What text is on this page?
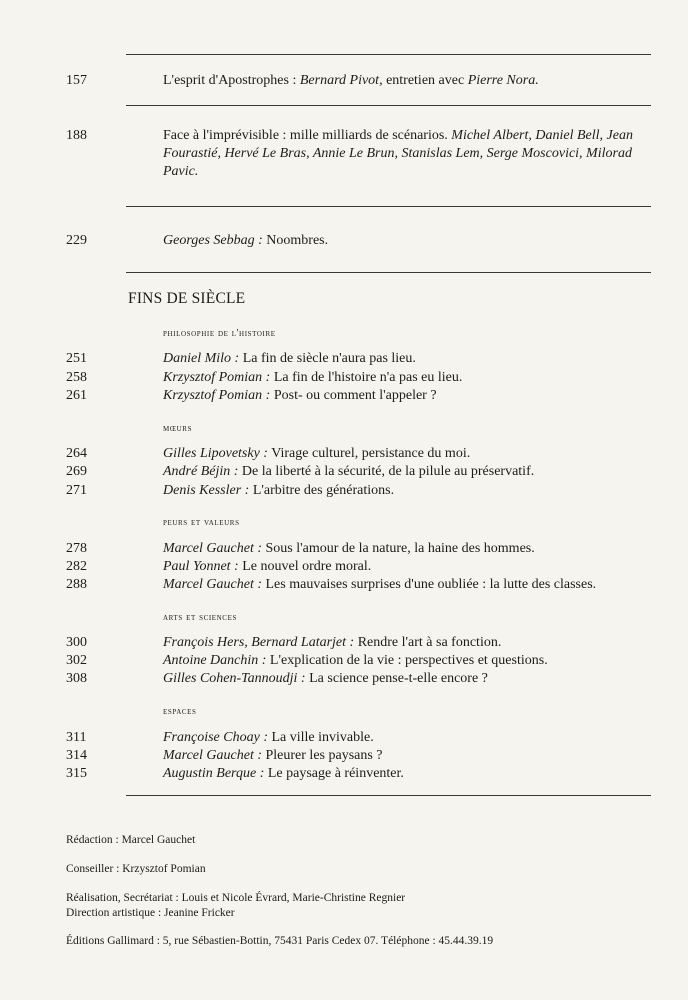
157	L'esprit d'Apostrophes : Bernard Pivot, entretien avec Pierre Nora.
188	Face à l'imprévisible : mille milliards de scénarios. Michel Albert, Daniel Bell, Jean
Fourastié, Hervé Le Bras, Annie Le Brun, Stanislas Lem, Serge Moscovici, Milorad
Pavic.
229	Georges Sebbag : Noombres.
FINS DE SIÈCLE
philosophie de l'histoire
251	Daniel Milo : La fin de siècle n'aura pas lieu.
258	Krzysztof Pomian : La fin de l'histoire n'a pas eu lieu.
261	Krzysztof Pomian : Post- ou comment l'appeler ?
mœurs
264	Gilles Lipovetsky : Virage culturel, persistance du moi.
269	André Béjin : De la liberté à la sécurité, de la pilule au préservatif.
271	Denis Kessler : L'arbitre des générations.
peurs et valeurs
278	Marcel Gauchet : Sous l'amour de la nature, la haine des hommes.
282	Paul Yonnet : Le nouvel ordre moral.
288	Marcel Gauchet : Les mauvaises surprises d'une oubliée : la lutte des classes.
arts et sciences
300	François Hers, Bernard Latarjet : Rendre l'art à sa fonction.
302	Antoine Danchin : L'explication de la vie : perspectives et questions.
308	Gilles Cohen-Tannoudji : La science pense-t-elle encore ?
espaces
311	Françoise Choay : La ville invivable.
314	Marcel Gauchet : Pleurer les paysans ?
315	Augustin Berque : Le paysage à réinventer.
Rédaction : Marcel Gauchet
Conseiller : Krzysztof Pomian
Réalisation, Secrétariat : Louis et Nicole Évrard, Marie-Christine Regnier
Direction artistique : Jeanine Fricker
Éditions Gallimard : 5, rue Sébastien-Bottin, 75431 Paris Cedex 07. Téléphone : 45.44.39.19
